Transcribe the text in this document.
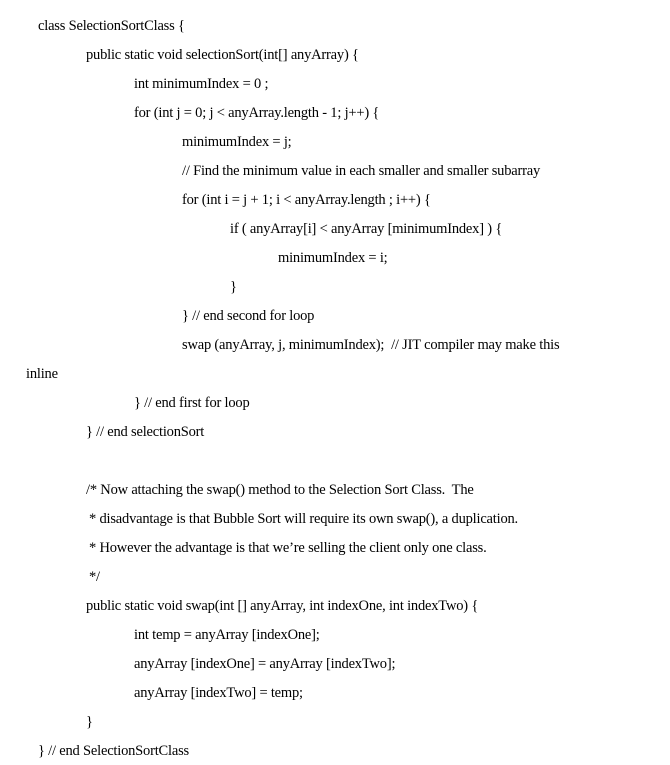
class SelectionSortClass {
public static void selectionSort(int[] anyArray) {
int minimumIndex = 0 ;
for (int j = 0; j < anyArray.length - 1; j++) {
minimumIndex = j;
// Find the minimum value in each smaller and smaller subarray
for (int i = j + 1; i < anyArray.length ; i++) {
if ( anyArray[i] < anyArray [minimumIndex] ) {
minimumIndex = i;
}
} // end second for loop
swap (anyArray, j, minimumIndex);  // JIT compiler may make this
inline
} // end first for loop
} // end selectionSort
/* Now attaching the swap() method to the Selection Sort Class.  The
* disadvantage is that Bubble Sort will require its own swap(), a duplication.
* However the advantage is that we’re selling the client only one class.
*/
public static void swap(int [] anyArray, int indexOne, int indexTwo) {
int temp = anyArray [indexOne];
anyArray [indexOne] = anyArray [indexTwo];
anyArray [indexTwo] = temp;
}
} // end SelectionSortClass
